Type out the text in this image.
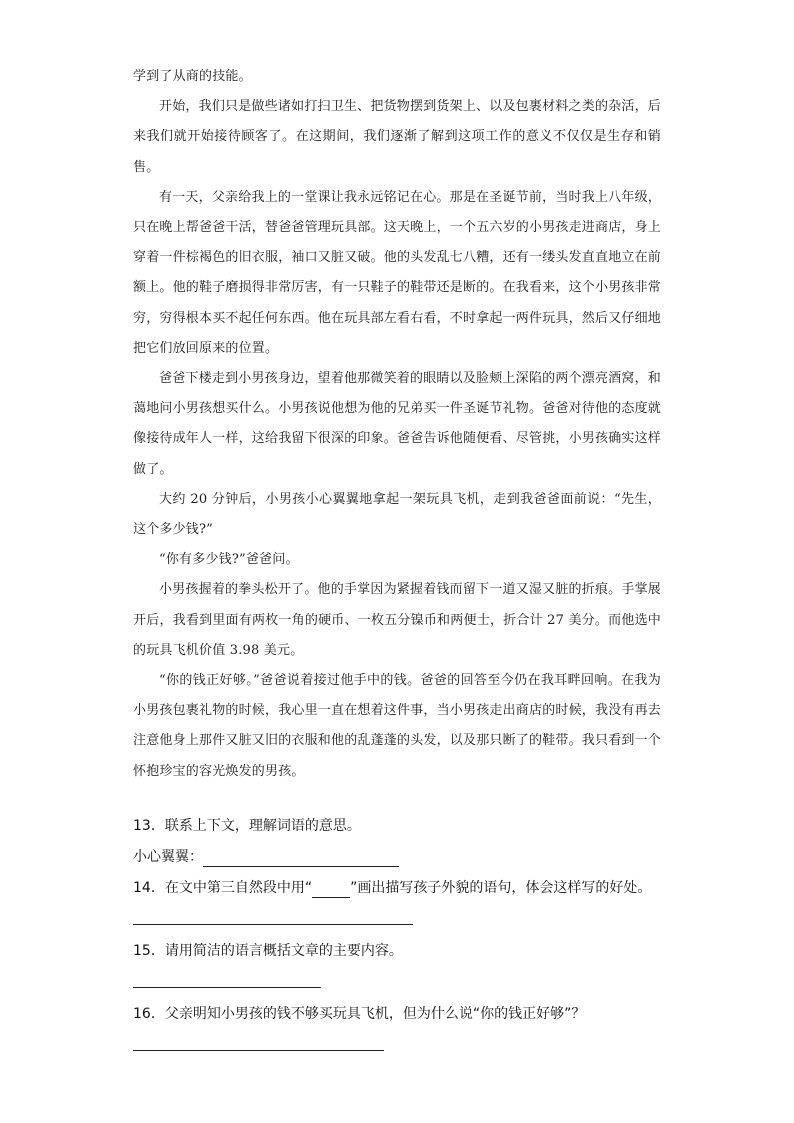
学到了从商的技能。

开始，我们只是做些诸如打扫卫生、把货物摆到货架上、以及包裹材料之类的杂活，后来我们就开始接待顾客了。在这期间，我们逐渐了解到这项工作的意义不仅仅是生存和销售。

有一天，父亲给我上的一堂课让我永远铭记在心。那是在圣诞节前，当时我上八年级，只在晚上帮爸爸干活，替爸爸管理玩具部。这天晚上，一个五六岁的小男孩走进商店，身上穿着一件棕褐色的旧衣服，袖口又脏又破。他的头发乱七八糟，还有一缕头发直直地立在前额上。他的鞋子磨损得非常厉害，有一只鞋子的鞋带还是断的。在我看来，这个小男孩非常穷，穷得根本买不起任何东西。他在玩具部左看右看，不时拿起一两件玩具，然后又仔细地把它们放回原来的位置。

爸爸下楼走到小男孩身边，望着他那微笑着的眼睛以及脸颊上深陷的两个漂亮酒窝，和蔼地问小男孩想买什么。小男孩说他想为他的兄弟买一件圣诞节礼物。爸爸对待他的态度就像接待成年人一样，这给我留下很深的印象。爸爸告诉他随便看、尽管挑，小男孩确实这样做了。

大约 20 分钟后，小男孩小心翼翼地拿起一架玩具飞机，走到我爸爸面前说：“先生，这个多少钱?”

“你有多少钱?”爸爸问。

小男孩握着的拳头松开了。他的手掌因为紧握着钱而留下一道又湿又脏的折痕。手掌展开后，我看到里面有两枚一角的硬币、一枚五分镍币和两便士，折合计 27 美分。而他选中的玩具飞机价值 3.98 美元。

“你的钱正好够。”爸爸说着接过他手中的钱。爸爸的回答至今仍在我耳畔回响。在我为小男孩包裹礼物的时候，我心里一直在想着这件事，当小男孩走出商店的时候，我没有再去注意他身上那件又脏又旧的衣服和他的乱蓬蓬的头发，以及那只断了的鞋带。我只看到一个怀抱珍宝的容光焕发的男孩。

13．联系上下文，理解词语的意思。
小心翼翼：
14．在文中第三自然段中用“	”画出描写孩子外貌的语句，体会这样写的好处。
15．请用简洁的语言概括文章的主要内容。
16．父亲明知小男孩的钱不够买玩具飞机，但为什么说“你的钱正好够”？
